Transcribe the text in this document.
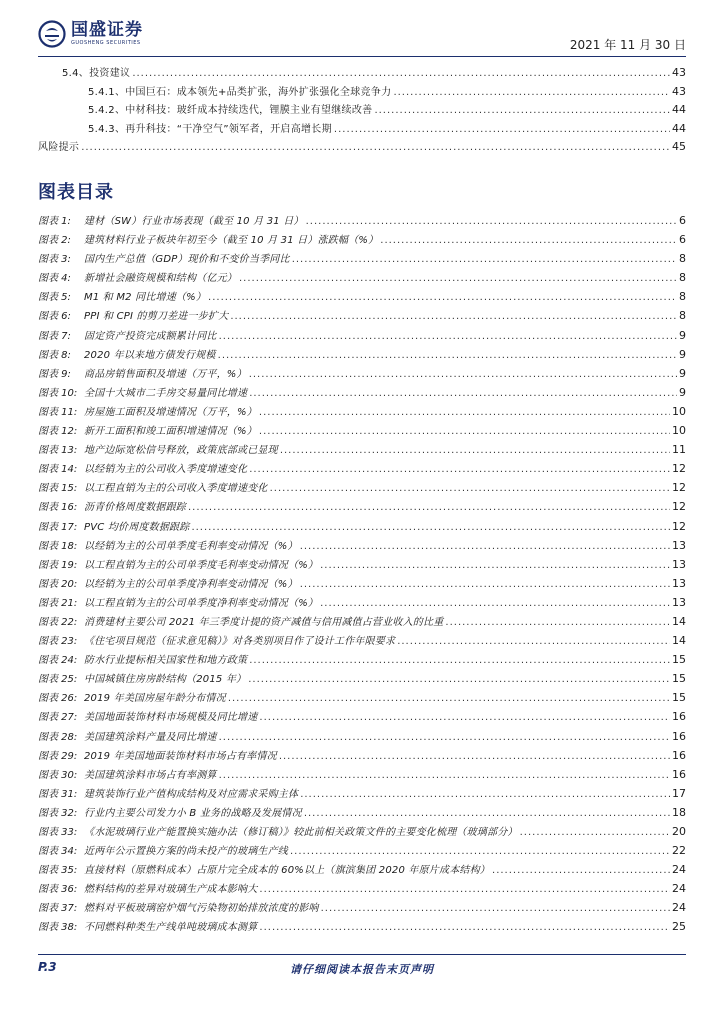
国盛证券
GUOSHENG SECURITIES	2021 年 11 月 30 日
5.4、投资建议 .....	43
5.4.1、中国巨石：成本领先+品类扩张，海外扩张强化全球竞争力 .....	43
5.4.2、中材科技：玻纤成本持续迭代，锂膜主业有望继续改善 .....	44
5.4.3、再升科技：“干净空气”领军者，开启高增长期 .....	44
风险提示 .....	45
图表目录
图表 1:	建材（SW）行业市场表现（截至 10 月 31 日） .....	6
图表 2:	建筑材料行业子板块年初至今（截至 10 月 31 日）涨跌幅（%） .....	6
图表 3:	国内生产总值（GDP）现价和不变价当季同比 .....	8
图表 4:	新增社会融资规模和结构（亿元） .....	8
图表 5:	M1 和 M2 同比增速（%） .....	8
图表 6:	PPI 和 CPI 的剪刀差进一步扩大 .....	8
图表 7:	固定资产投资完成额累计同比 .....	9
图表 8:	2020 年以来地方债发行规模 .....	9
图表 9:	商品房销售面积及增速（万平，%） .....	9
图表 10: 全国十大城市二手房交易量同比增速 .....	9
图表 11: 房屋施工面积及增速情况（万平，%） .....	10
图表 12: 新开工面积和竣工面积增速情况（%） .....	10
图表 13: 地产边际宽松信号释放，政策底部或已显现 .....	11
图表 14: 以经销为主的公司收入季度增速变化 .....	12
图表 15: 以工程直销为主的公司收入季度增速变化 .....	12
图表 16: 沥青价格周度数据跟踪 .....	12
图表 17: PVC 均价周度数据跟踪 .....	12
图表 18: 以经销为主的公司单季度毛利率变动情况（%） .....	13
图表 19: 以工程直销为主的公司单季度毛利率变动情况（%） .....	13
图表 20: 以经销为主的公司单季度净利率变动情况（%） .....	13
图表 21: 以工程直销为主的公司单季度净利率变动情况（%） .....	13
图表 22: 消费建材主要公司 2021 年三季度计提的资产减值与信用减值占营业收入的比重 .....	14
图表 23: 《住宅项目规范（征求意见稿）》对各类别项目作了设计工作年限要求 .....	14
图表 24: 防水行业提标相关国家性和地方政策 .....	15
图表 25: 中国城镇住房房龄结构（2015 年） .....	15
图表 26: 2019 年美国房屋年龄分布情况 .....	15
图表 27: 美国地面装饰材料市场规模及同比增速 .....	16
图表 28: 美国建筑涂料产量及同比增速 .....	16
图表 29: 2019 年美国地面装饰材料市场占有率情况 .....	16
图表 30: 美国建筑涂料市场占有率测算 .....	16
图表 31: 建筑装饰行业产值构成结构及对应需求采购主体 .....	17
图表 32: 行业内主要公司发力小 B 业务的战略及发展情况 .....	18
图表 33: 《水泥玻璃行业产能置换实施办法（修订稿）》较此前相关政策文件的主要变化梳理（玻璃部分） .....	20
图表 34: 近两年公示置换方案的尚未投产的玻璃生产线 .....	22
图表 35: 直接材料（原燃料成本）占原片完全成本的 60%以上（旗滨集团 2020 年原片成本结构） .....	24
图表 36: 燃料结构的差异对玻璃生产成本影响大 .....	24
图表 37: 燃料对平板玻璃窑炉烟气污染物初始排放浓度的影响 .....	24
图表 38: 不同燃料种类生产线单吨玻璃成本测算 .....	25
P.3	请仔细阅读本报告末页声明
